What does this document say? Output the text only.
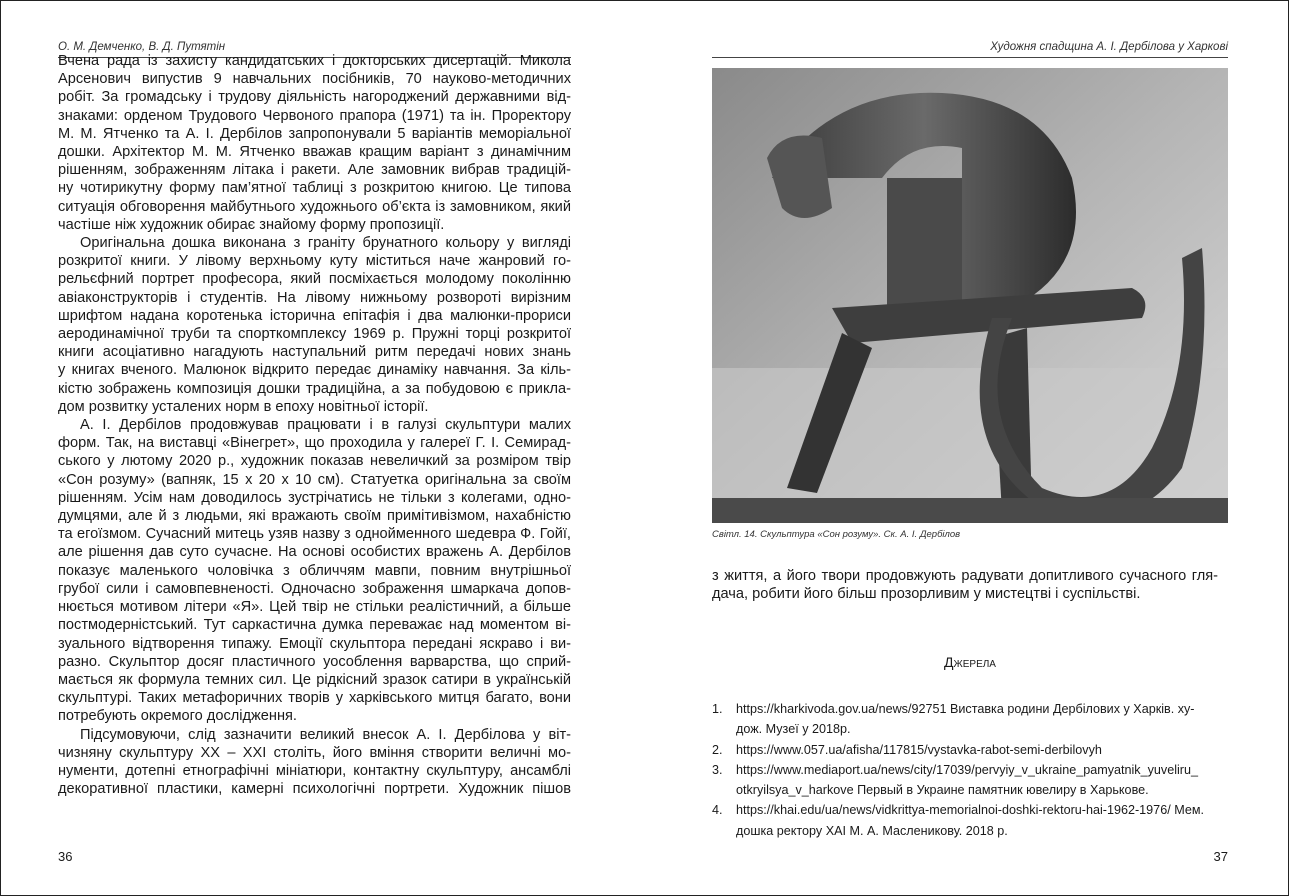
О. М. Демченко, В. Д. Путятін
Вчена рада із захисту кандидатських і докторських дисертацій. Микола
Арсенович випустив 9 навчальних посібників, 70 науково-методичних
робіт. За громадську і трудову діяльність нагороджений державними від-
знаками: орденом Трудового Червоного прапора (1971) та ін. Проректору
М. М. Ятченко та А. І. Дербілов запропонували 5 варіантів меморіальної
дошки. Архітектор М. М. Ятченко вважав кращим варіант з динамічним
рішенням, зображенням літака і ракети. Але замовник вибрав традицій-
ну чотирикутну форму пам’ятної таблиці з розкритою книгою. Це типова
ситуація обговорення майбутнього художнього об’єкта із замовником, який
частіше ніж художник обирає знайому форму пропозиції.
Оригінальна дошка виконана з граніту брунатного кольору у вигляді
розкритої книги. У лівому верхньому куту міститься наче жанровий го-
рельєфний портрет професора, який посміхається молодому поколінню
авіаконструкторів і студентів. На лівому нижньому розвороті вирізним
шрифтом надана коротенька історична епітафія і два малюнки-прориси
аеродинамічної труби та спорткомплексу 1969 р. Пружні торці розкритої
книги асоціативно нагадують наступальний ритм передачі нових знань
у книгах вченого. Малюнок відкрито передає динаміку навчання. За кіль-
кістю зображень композиція дошки традиційна, а за побудовою є прикла-
дом розвитку усталених норм в епоху новітньої історії.
А. І. Дербілов продовжував працювати і в галузі скульптури малих
форм. Так, на виставці «Вінегрет», що проходила у галереї Г. І. Семирад-
ського у лютому 2020 р., художник показав невеличкий за розміром твір
«Сон розуму» (вапняк, 15 х 20 х 10 см). Статуетка оригінальна за своїм
рішенням. Усім нам доводилось зустрічатись не тільки з колегами, одно-
думцями, але й з людьми, які вражають своїм примітивізмом, нахабністю
та егоїзмом. Сучасний митець узяв назву з однойменного шедевра Ф. Гойї,
але рішення дав суто сучасне. На основі особистих вражень А. Дербілов
показує маленького чоловічка з обличчям мавпи, повним внутрішньої
грубої сили і самовпевненості. Одночасно зображення шмаркача допов-
нюється мотивом літери «Я». Цей твір не стільки реалістичний, а більше
постмодерністський. Тут саркастична думка переважає над моментом ві-
зуального відтворення типажу. Емоції скульптора передані яскраво і ви-
разно. Скульптор досяг пластичного уособлення варварства, що сприй-
мається як формула темних сил. Це рідкісний зразок сатири в українській
скульптурі. Таких метафоричних творів у харківського митця багато, вони
потребують окремого дослідження.
Підсумовуючи, слід зазначити великий внесок А. І. Дербілова у віт-
чизняну скульптуру ХХ – ХХІ століть, його вміння створити величні мо-
нументи, дотепні етнографічні мініатюри, контактну скульптуру, ансамблі
декоративної пластики, камерні психологічні портрети. Художник пішов
36
Художня спадщина А. І. Дербілова у Харкові
Світл. 14. Скульптура «Сон розуму». Ск. А. І. Дербілов
з життя, а його твори продовжують радувати допитливого сучасного гля-
дача, робити його більш прозорливим у мистецтві і суспільстві.
Джерела
1. https://kharkivoda.gov.ua/news/92751 Виставка родини Дербілових у Харків. ху-дож. Музеї у 2018р.
2. https://www.057.ua/afisha/117815/vystavka-rabot-semi-derbilovyh
3. https://www.mediaport.ua/news/city/17039/pervyiy_v_ukraine_pamyatnik_yuveliru_ otkryilsya_v_harkove Первый в Украине памятник ювелиру в Харькове.
4. https://khai.edu/ua/news/vidkrittya-memorialnoi-doshki-rektoru-hai-1962-1976/ Мем. дошка ректору ХАІ М. А. Масленикову. 2018 р.
37
